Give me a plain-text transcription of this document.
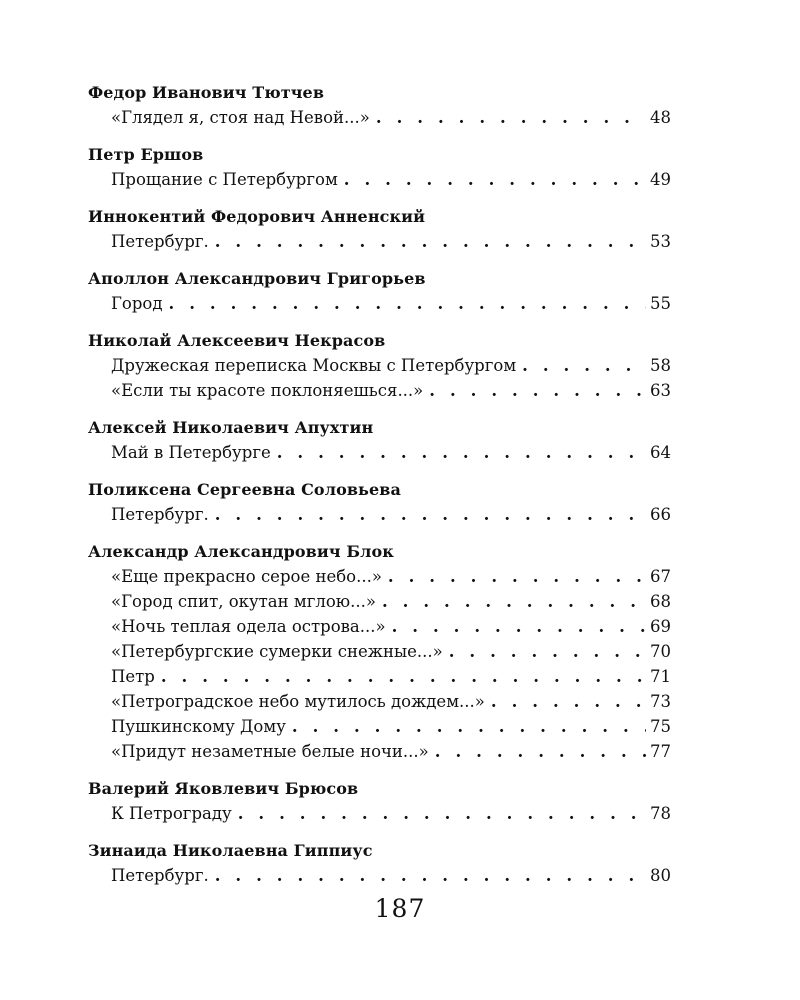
Федор Иванович Тютчев
«Глядел я, стоя над Невой...» . . .	48
Петр Ершов
Прощание с Петербургом . . .	49
Иннокентий Федорович Анненский
Петербург. . . .	53
Аполлон Александрович Григорьев
Город . . .	55
Николай Алексеевич Некрасов
Дружеская переписка Москвы с Петербургом . . .	58
«Если ты красоте поклоняешься...» . . .	63
Алексей Николаевич Апухтин
Май в Петербурге . . .	64
Поликсена Сергеевна Соловьева
Петербург. . . .	66
Александр Александрович Блок
«Еще прекрасно серое небо...» . . .	67
«Город спит, окутан мглою...» . . .	68
«Ночь теплая одела острова...» . . .	69
«Петербургские сумерки снежные...» . . .	70
Петр . . .	71
«Петроградское небо мутилось дождем...» . . .	73
Пушкинскому Дому . . .	75
«Придут незаметные белые ночи...» . . .	77
Валерий Яковлевич Брюсов
К Петрограду . . .	78
Зинаида Николаевна Гиппиус
Петербург. . . .	80
187
